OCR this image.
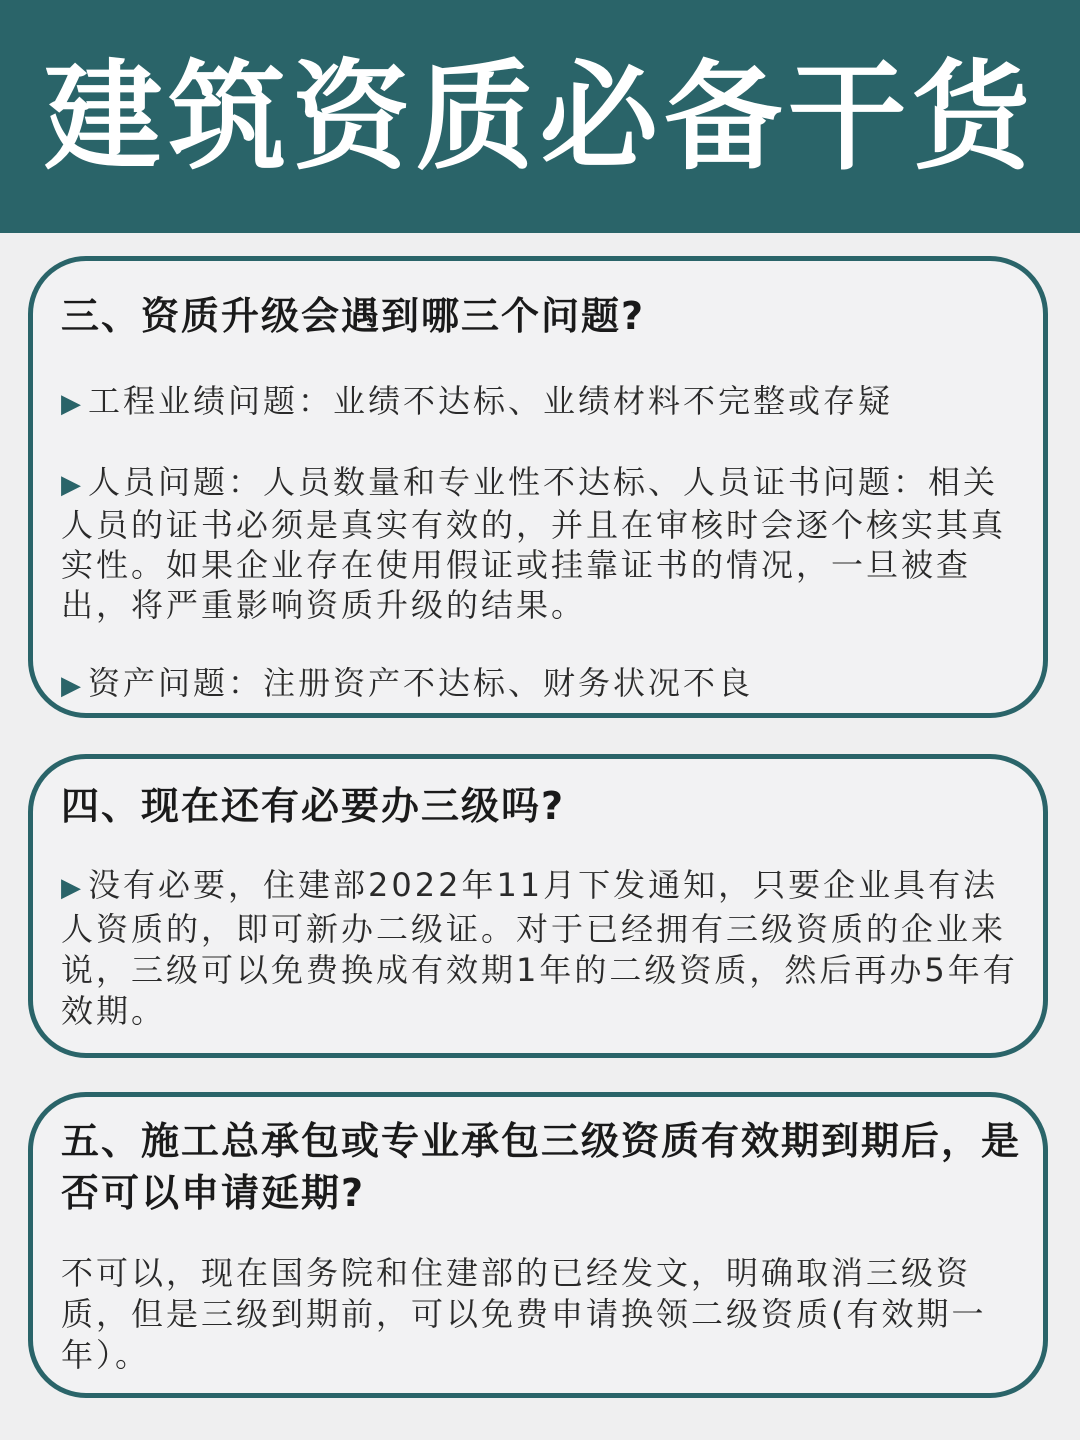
建筑资质必备干货
三、资质升级会遇到哪三个问题?
▶ 工程业绩问题：业绩不达标、业绩材料不完整或存疑
▶ 人员问题：人员数量和专业性不达标、人员证书问题：相关人员的证书必须是真实有效的，并且在审核时会逐个核实其真实性。如果企业存在使用假证或挂靠证书的情况，一旦被查出，将严重影响资质升级的结果。
▶ 资产问题：注册资产不达标、财务状况不良
四、现在还有必要办三级吗?
▶ 没有必要，住建部2022年11月下发通知，只要企业具有法人资质的，即可新办二级证。对于已经拥有三级资质的企业来说，三级可以免费换成有效期1年的二级资质，然后再办5年有效期。
五、施工总承包或专业承包三级资质有效期到期后，是否可以申请延期?
不可以，现在国务院和住建部的已经发文，明确取消三级资质，但是三级到期前，可以免费申请换领二级资质(有效期一年）。
